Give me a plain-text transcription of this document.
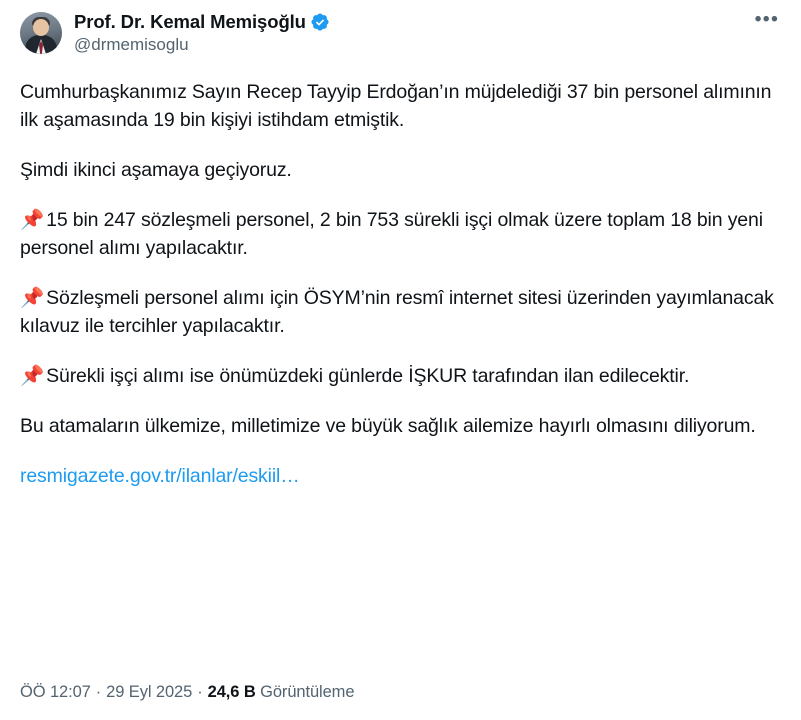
Prof. Dr. Kemal Memişoğlu
@drmemisoglu
•••

Cumhurbaşkanımız Sayın Recep Tayyip Erdoğan’ın müjdelediği 37 bin personel alımının ilk aşamasında 19 bin kişiyi istihdam etmiştik.

Şimdi ikinci aşamaya geçiyoruz.

📌 15 bin 247 sözleşmeli personel, 2 bin 753 sürekli işçi olmak üzere toplam 18 bin yeni personel alımı yapılacaktır.

📌 Sözleşmeli personel alımı için ÖSYM’nin resmî internet sitesi üzerinden yayımlanacak kılavuz ile tercihler yapılacaktır.

📌 Sürekli işçi alımı ise önümüzdeki günlerde İŞKUR tarafından ilan edilecektir.

Bu atamaların ülkemize, milletimize ve büyük sağlık ailemize hayırlı olmasını diliyorum.

resmigazete.gov.tr/ilanlar/eskiil…
ÖÖ 12:07 · 29 Eyl 2025 · 24,6 B Görüntüleme
